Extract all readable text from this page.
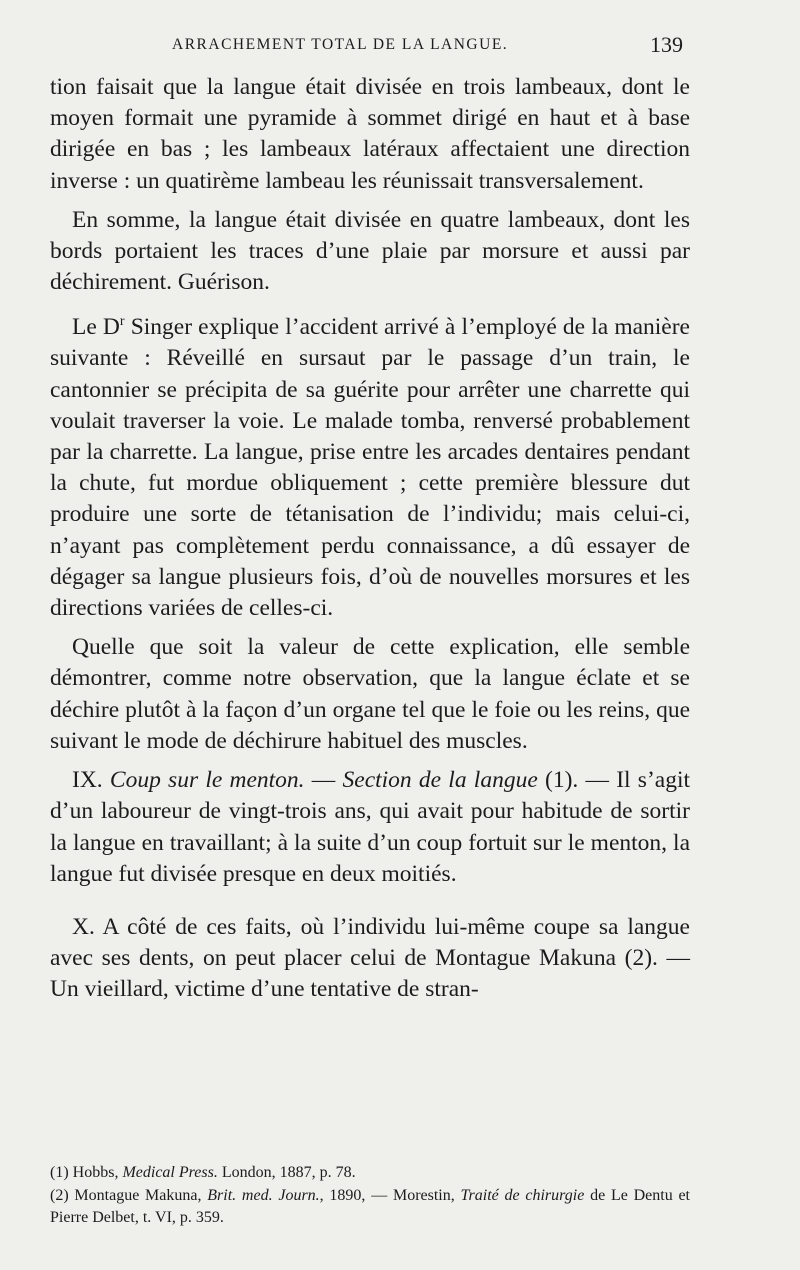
ARRACHEMENT TOTAL DE LA LANGUE.	139

tion faisait que la langue était divisée en trois lambeaux, dont le moyen formait une pyramide à sommet dirigé en haut et à base dirigée en bas ; les lambeaux latéraux affectaient une direction inverse : un quatirème lambeau les réunissait transversalement.

En somme, la langue était divisée en quatre lambeaux, dont les bords portaient les traces d’une plaie par morsure et aussi par déchirement. Guérison.

Le $D^r$ Singer explique l’accident arrivé à l’employé de la manière suivante : Réveillé en sursaut par le passage d’un train, le cantonnier se précipita de sa guérite pour arrêter une charrette qui voulait traverser la voie. Le malade tomba, renversé probablement par la charrette. La langue, prise entre les arcades dentaires pendant la chute, fut mordue obliquement ; cette première blessure dut produire une sorte de tétanisation de l’individu; mais celui-ci, n’ayant pas complètement perdu connaissance, a dû essayer de dégager sa langue plusieurs fois, d’où de nouvelles morsures et les directions variées de celles-ci.

Quelle que soit la valeur de cette explication, elle semble démontrer, comme notre observation, que la langue éclate et se déchire plutôt à la façon d’un organe tel que le foie ou les reins, que suivant le mode de déchirure habituel des muscles.

IX. Coup sur le menton. — Section de la langue (1). — Il s’agit d’un laboureur de vingt-trois ans, qui avait pour habitude de sortir la langue en travaillant; à la suite d’un coup fortuit sur le menton, la langue fut divisée presque en deux moitiés.

X. A côté de ces faits, où l’individu lui-même coupe sa langue avec ses dents, on peut placer celui de Montague Makuna (2). — Un vieillard, victime d’une tentative de stran-

(1) Hobbs, Medical Press. London, 1887, p. 78.

(2) Montague Makuna, Brit. med. Journ., 1890, — Morestin, Traité de chirurgie de Le Dentu et Pierre Delbet, t. VI, p. 359.
